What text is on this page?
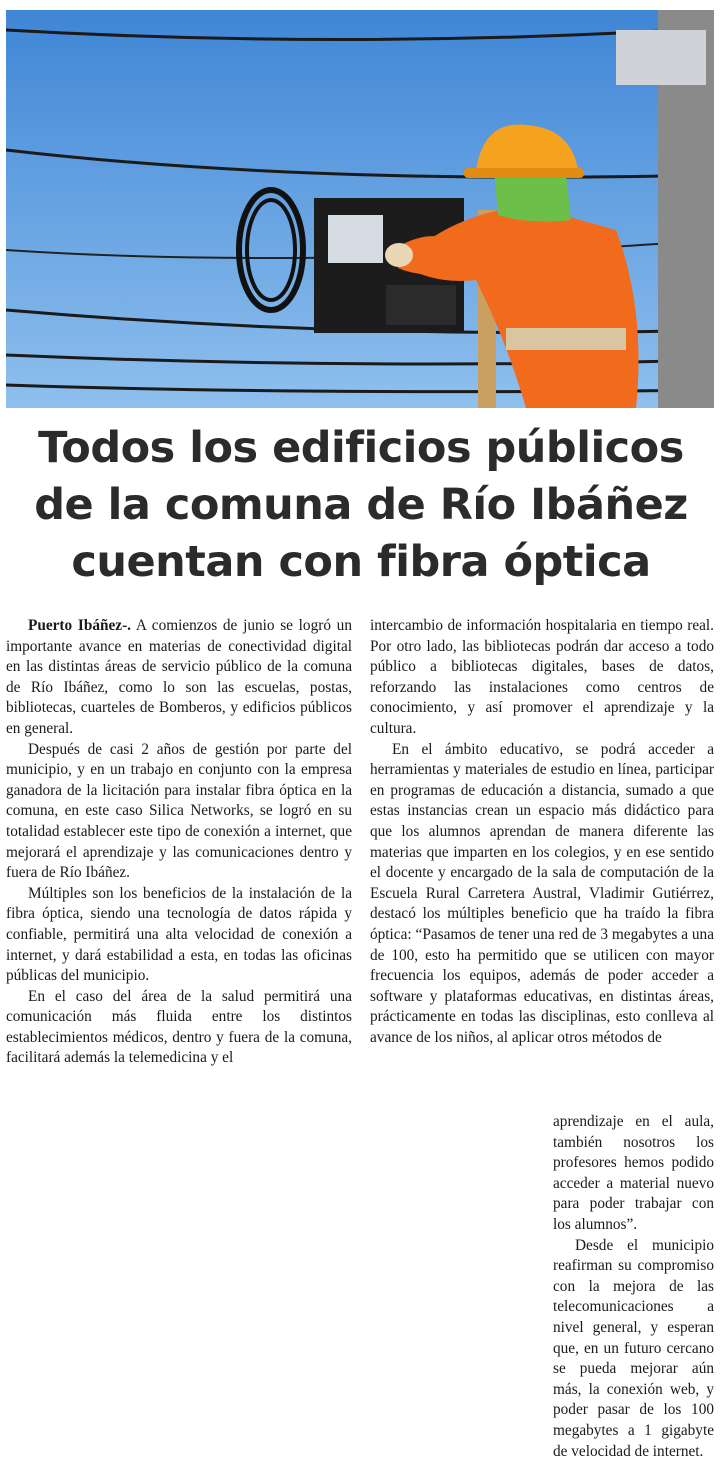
Todos los edificios públicos
de la comuna de Río Ibáñez
cuentan con fibra óptica

Puerto Ibáñez-. A comienzos de junio se logró un importante avance en materias de conectividad digital en las distintas áreas de servicio público de la comuna de Río Ibáñez, como lo son las escuelas, postas, bibliotecas, cuarteles de Bomberos, y edificios públicos en general.

Después de casi 2 años de gestión por parte del municipio, y en un trabajo en conjunto con la empresa ganadora de la licitación para instalar fibra óptica en la comuna, en este caso Silica Networks, se logró en su totalidad establecer este tipo de conexión a internet, que mejorará el aprendizaje y las comunicaciones dentro y fuera de Río Ibáñez.

Múltiples son los beneficios de la instalación de la fibra óptica, siendo una tecnología de datos rápida y confiable, permitirá una alta velocidad de conexión a internet, y dará estabilidad a esta, en todas las oficinas públicas del municipio.

En el caso del área de la salud permitirá una comunicación más fluida entre los distintos establecimientos médicos, dentro y fuera de la comuna, facilitará además la telemedicina y el

intercambio de información hospitalaria en tiempo real. Por otro lado, las bibliotecas podrán dar acceso a todo público a bibliotecas digitales, bases de datos, reforzando las instalaciones como centros de conocimiento, y así promover el aprendizaje y la cultura.

En el ámbito educativo, se podrá acceder a herramientas y materiales de estudio en línea, participar en programas de educación a distancia, sumado a que estas instancias crean un espacio más didáctico para que los alumnos aprendan de manera diferente las materias que imparten en los colegios, y en ese sentido el docente y encargado de la sala de computación de la Escuela Rural Carretera Austral, Vladimir Gutiérrez, destacó los múltiples beneficio que ha traído la fibra óptica: “Pasamos de tener una red de 3 megabytes a una de 100, esto ha permitido que se utilicen con mayor frecuencia los equipos, además de poder acceder a software y plataformas educativas, en distintas áreas, prácticamente en todas las disciplinas, esto conlleva al avance de los niños, al aplicar otros métodos de

aprendizaje en el aula, también nosotros los profesores hemos podido acceder a material nuevo para poder trabajar con los alumnos”.

Desde el municipio reafirman su compromiso con la mejora de las telecomunicaciones a nivel general, y esperan que, en un futuro cercano se pueda mejorar aún más, la conexión web, y poder pasar de los 100 megabytes a 1 gigabyte de velocidad de internet.
